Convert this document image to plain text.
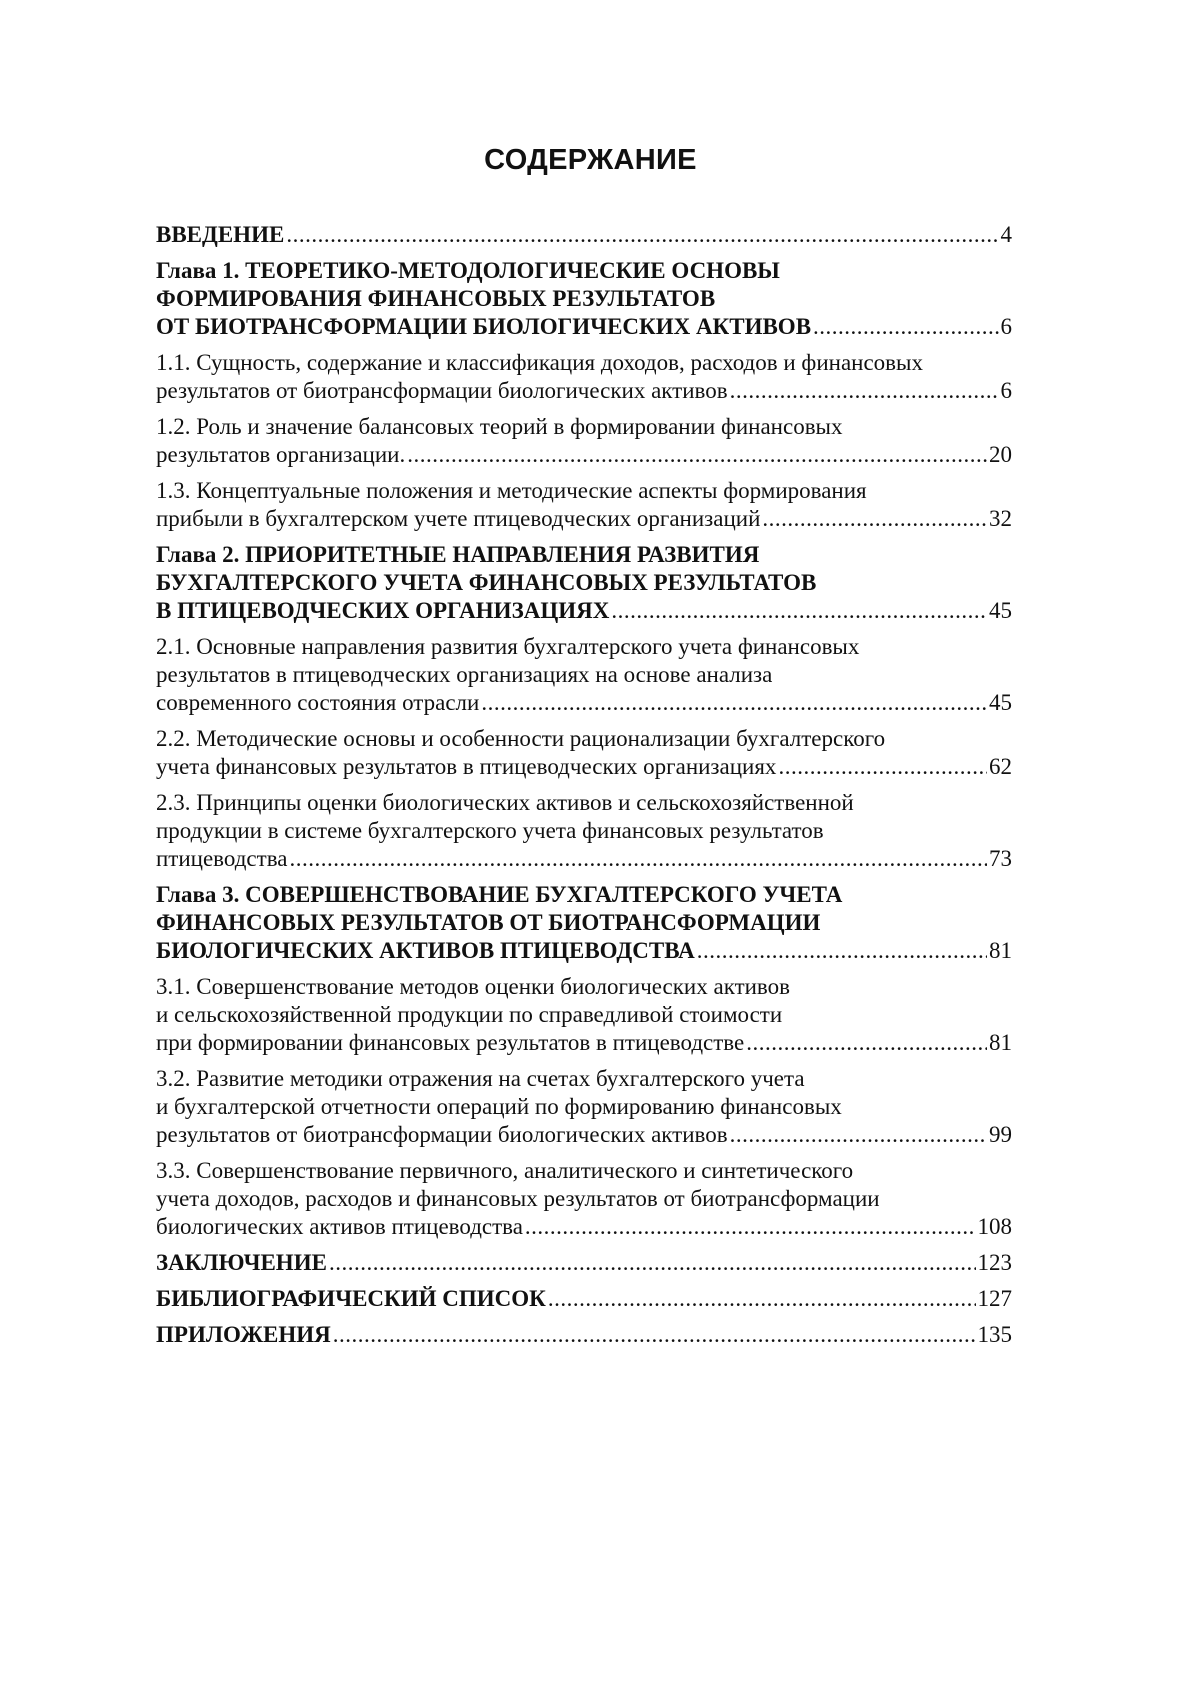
СОДЕРЖАНИЕ
ВВЕДЕНИЕ .....	4
Глава 1. ТЕОРЕТИКО-МЕТОДОЛОГИЧЕСКИЕ ОСНОВЫ
ФОРМИРОВАНИЯ ФИНАНСОВЫХ РЕЗУЛЬТАТОВ
ОТ БИОТРАНСФОРМАЦИИ БИОЛОГИЧЕСКИХ АКТИВОВ .....	6
1.1. Сущность, содержание и классификация доходов, расходов и финансовых
результатов от биотрансформации биологических активов .....	6
1.2. Роль и значение балансовых теорий в формировании финансовых
результатов организации. .....	20
1.3. Концептуальные положения и методические аспекты формирования
прибыли в бухгалтерском учете птицеводческих организаций .....	32
Глава 2. ПРИОРИТЕТНЫЕ НАПРАВЛЕНИЯ РАЗВИТИЯ
БУХГАЛТЕРСКОГО УЧЕТА ФИНАНСОВЫХ РЕЗУЛЬТАТОВ
В ПТИЦЕВОДЧЕСКИХ ОРГАНИЗАЦИЯХ .....	45
2.1. Основные направления развития бухгалтерского учета финансовых
результатов в птицеводческих организациях на основе анализа
современного состояния отрасли .....	45
2.2. Методические основы и особенности рационализации бухгалтерского
учета финансовых результатов в птицеводческих организациях .....	62
2.3. Принципы оценки биологических активов и сельскохозяйственной
продукции в системе бухгалтерского учета финансовых результатов
птицеводства .....	73
Глава 3. СОВЕРШЕНСТВОВАНИЕ БУХГАЛТЕРСКОГО УЧЕТА
ФИНАНСОВЫХ РЕЗУЛЬТАТОВ ОТ БИОТРАНСФОРМАЦИИ
БИОЛОГИЧЕСКИХ АКТИВОВ ПТИЦЕВОДСТВА .....	81
3.1. Совершенствование методов оценки биологических активов
и сельскохозяйственной продукции по справедливой стоимости
при формировании финансовых результатов в птицеводстве .....	81
3.2. Развитие методики отражения на счетах бухгалтерского учета
и бухгалтерской отчетности операций по формированию финансовых
результатов от биотрансформации биологических активов .....	99
3.3. Совершенствование первичного, аналитического и синтетического
учета доходов, расходов и финансовых результатов от биотрансформации
биологических активов птицеводства .....	108
ЗАКЛЮЧЕНИЕ .....	123
БИБЛИОГРАФИЧЕСКИЙ СПИСОК .....	127
ПРИЛОЖЕНИЯ .....	135
